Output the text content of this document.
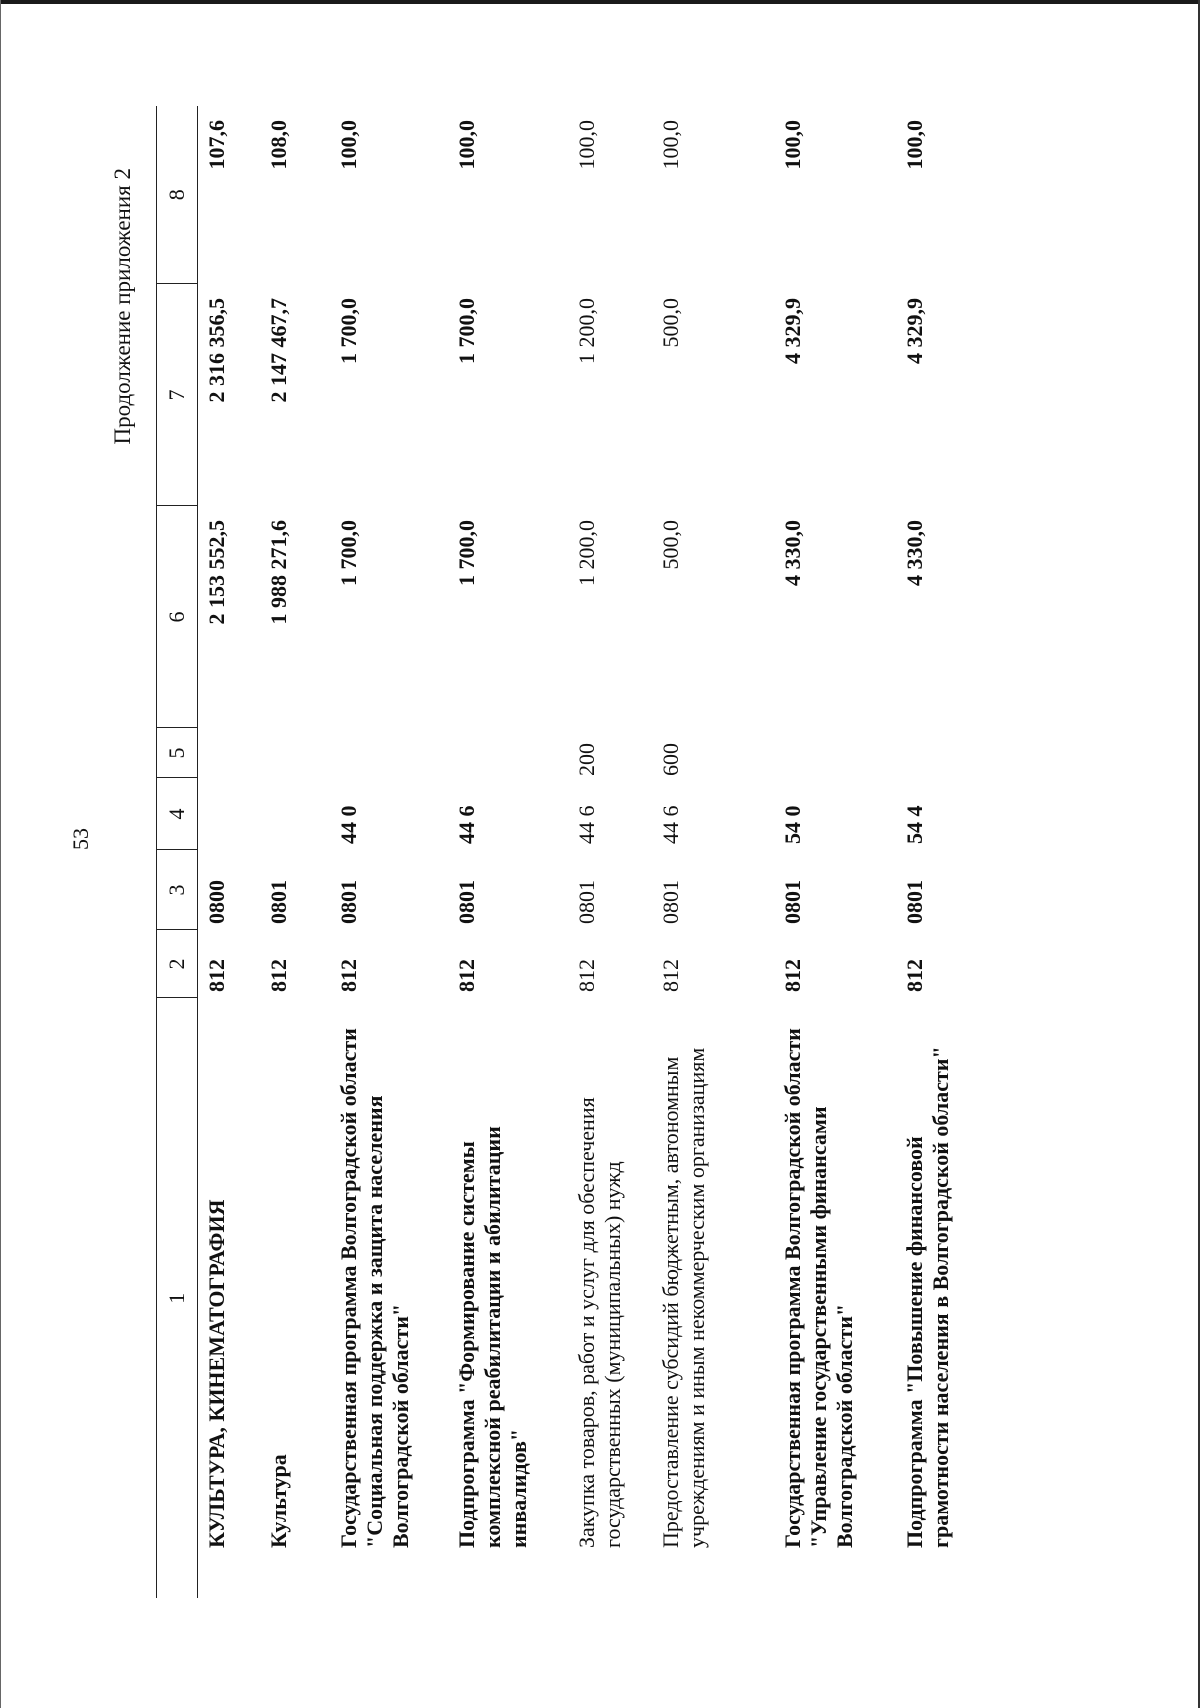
53
Продолжение приложения 2
1	2	3	4	5	6	7	8
КУЛЬТУРА, КИНЕМАТОГРАФИЯ	812	0800			2 153 552,5	2 316 356,5	107,6
Культура	812	0801			1 988 271,6	2 147 467,7	108,0
Государственная программа Волгоградской области "Социальная поддержка и защита населения Волгоградской области"	812	0801	44 0		1 700,0	1 700,0	100,0
Подпрограмма "Формирование системы комплексной реабилитации и абилитации инвалидов"	812	0801	44 6		1 700,0	1 700,0	100,0
Закупка товаров, работ и услуг для обеспечения государственных (муниципальных) нужд	812	0801	44 6	200	1 200,0	1 200,0	100,0
Предоставление субсидий бюджетным, автономным учреждениям и иным некоммерческим организациям	812	0801	44 6	600	500,0	500,0	100,0
Государственная программа Волгоградской области "Управление государственными финансами Волгоградской области"	812	0801	54 0		4 330,0	4 329,9	100,0
Подпрограмма "Повышение финансовой грамотности населения в Волгоградской области"	812	0801	54 4		4 330,0	4 329,9	100,0
